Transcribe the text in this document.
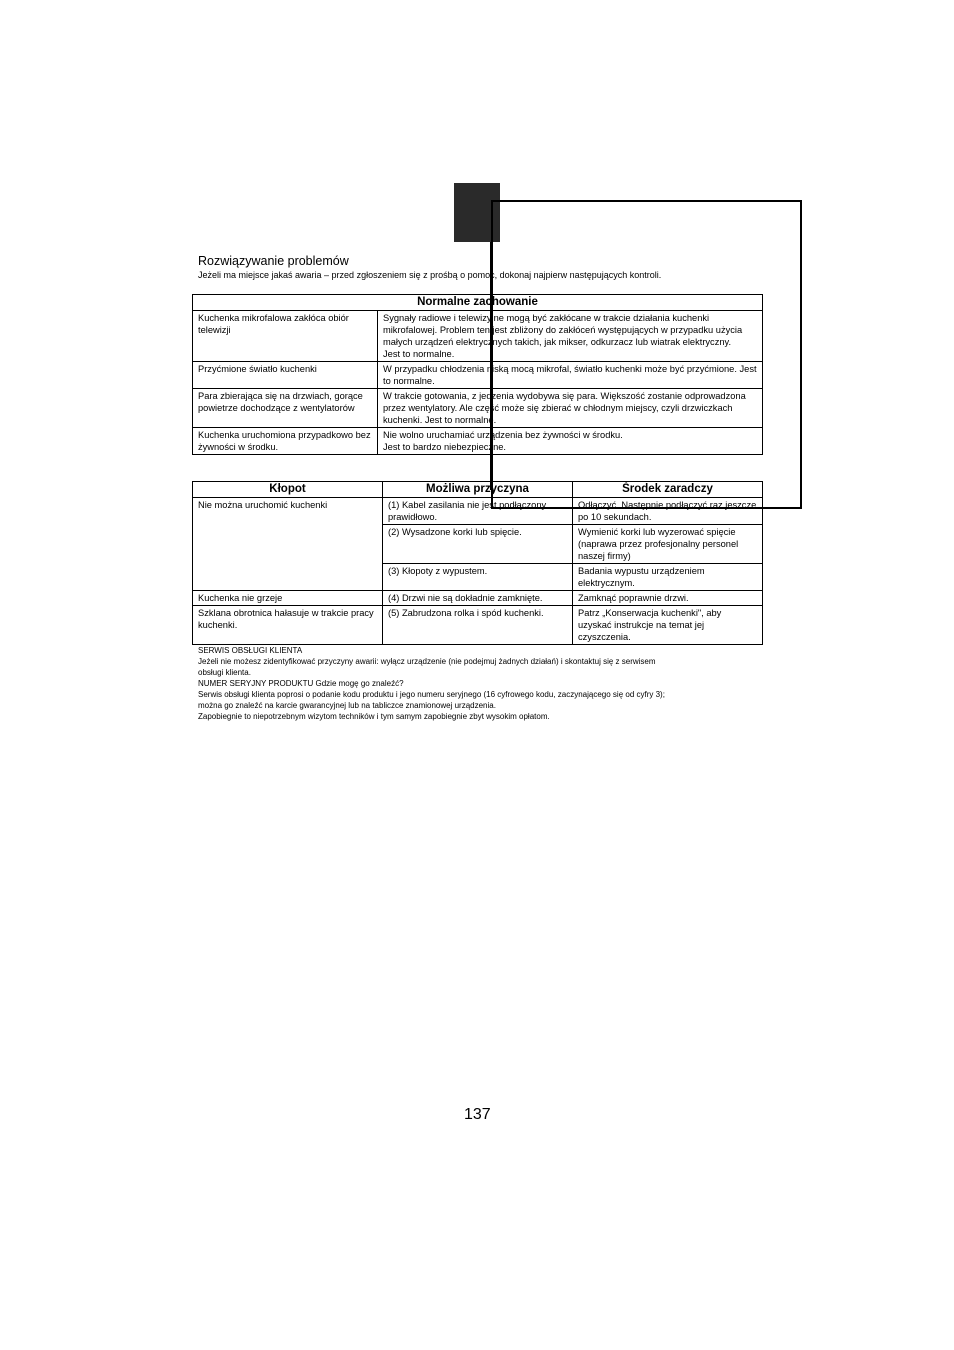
Rozwiązywanie problemów
Jeżeli ma miejsce jakaś awaria – przed zgłoszeniem się z prośbą o pomoc, dokonaj najpierw następujących kontroli.
Normalne zachowanie	
Kuchenka mikrofalowa zakłóca obiór telewizji	Sygnały radiowe i telewizyjne mogą być zakłócane w trakcie działania kuchenki mikrofalowej. Problem ten jest zbliżony do zakłóceń występujących w przypadku użycia małych urządzeń elektrycznych takich, jak mikser, odkurzacz lub wiatrak elektryczny.
Jest to normalne.
Przyćmione światło kuchenki	W przypadku chłodzenia niską mocą mikrofal, światło kuchenki może być przyćmione. Jest to normalne.
Para zbierająca się na drzwiach, gorące powietrze dochodzące z wentylatorów	W trakcie gotowania, z jedzenia wydobywa się para. Większość zostanie odprowadzona przez wentylatory. Ale część może się zbierać w chłodnym miejscy, czyli drzwiczkach kuchenki. Jest to normalne.
Kuchenka uruchomiona przypadkowo bez żywności w środku.	Nie wolno uruchamiać urządzenia bez żywności w środku.
Jest to bardzo niebezpieczne.
Kłopot	Możliwa przyczyna	Środek zaradczy
Nie można uruchomić kuchenki	(1) Kabel zasilania nie jest podłączony prawidłowo.	Odłączyć. Następnie podłączyć raz jeszcze po 10 sekundach.
	(2) Wysadzone korki lub spięcie.	Wymienić korki lub wyzerować spięcie (naprawa przez profesjonalny personel naszej firmy)
	(3) Kłopoty z wypustem.	Badania wypustu urządzeniem elektrycznym.
Kuchenka nie grzeje	(4) Drzwi nie są dokładnie zamknięte.	Zamknąć poprawnie drzwi.
Szklana obrotnica hałasuje w trakcie pracy kuchenki.	(5) Zabrudzona rolka i spód kuchenki.	Patrz „Konserwacja kuchenki", aby uzyskać instrukcje na temat jej czyszczenia.
SERWIS OBSŁUGI KLIENTA
Jeżeli nie możesz zidentyfikować przyczyny awarii: wyłącz urządzenie (nie podejmuj żadnych działań) i skontaktuj się z serwisem
obsługi klienta.
NUMER SERYJNY PRODUKTU Gdzie mogę go znaleźć?
Serwis obsługi klienta poprosi o podanie kodu produktu i jego numeru seryjnego (16 cyfrowego kodu, zaczynającego się od cyfry 3);
można go znaleźć na karcie gwarancyjnej lub na tabliczce znamionowej urządzenia.
Zapobiegnie to niepotrzebnym wizytom techników i tym samym zapobiegnie zbyt wysokim opłatom.
137
